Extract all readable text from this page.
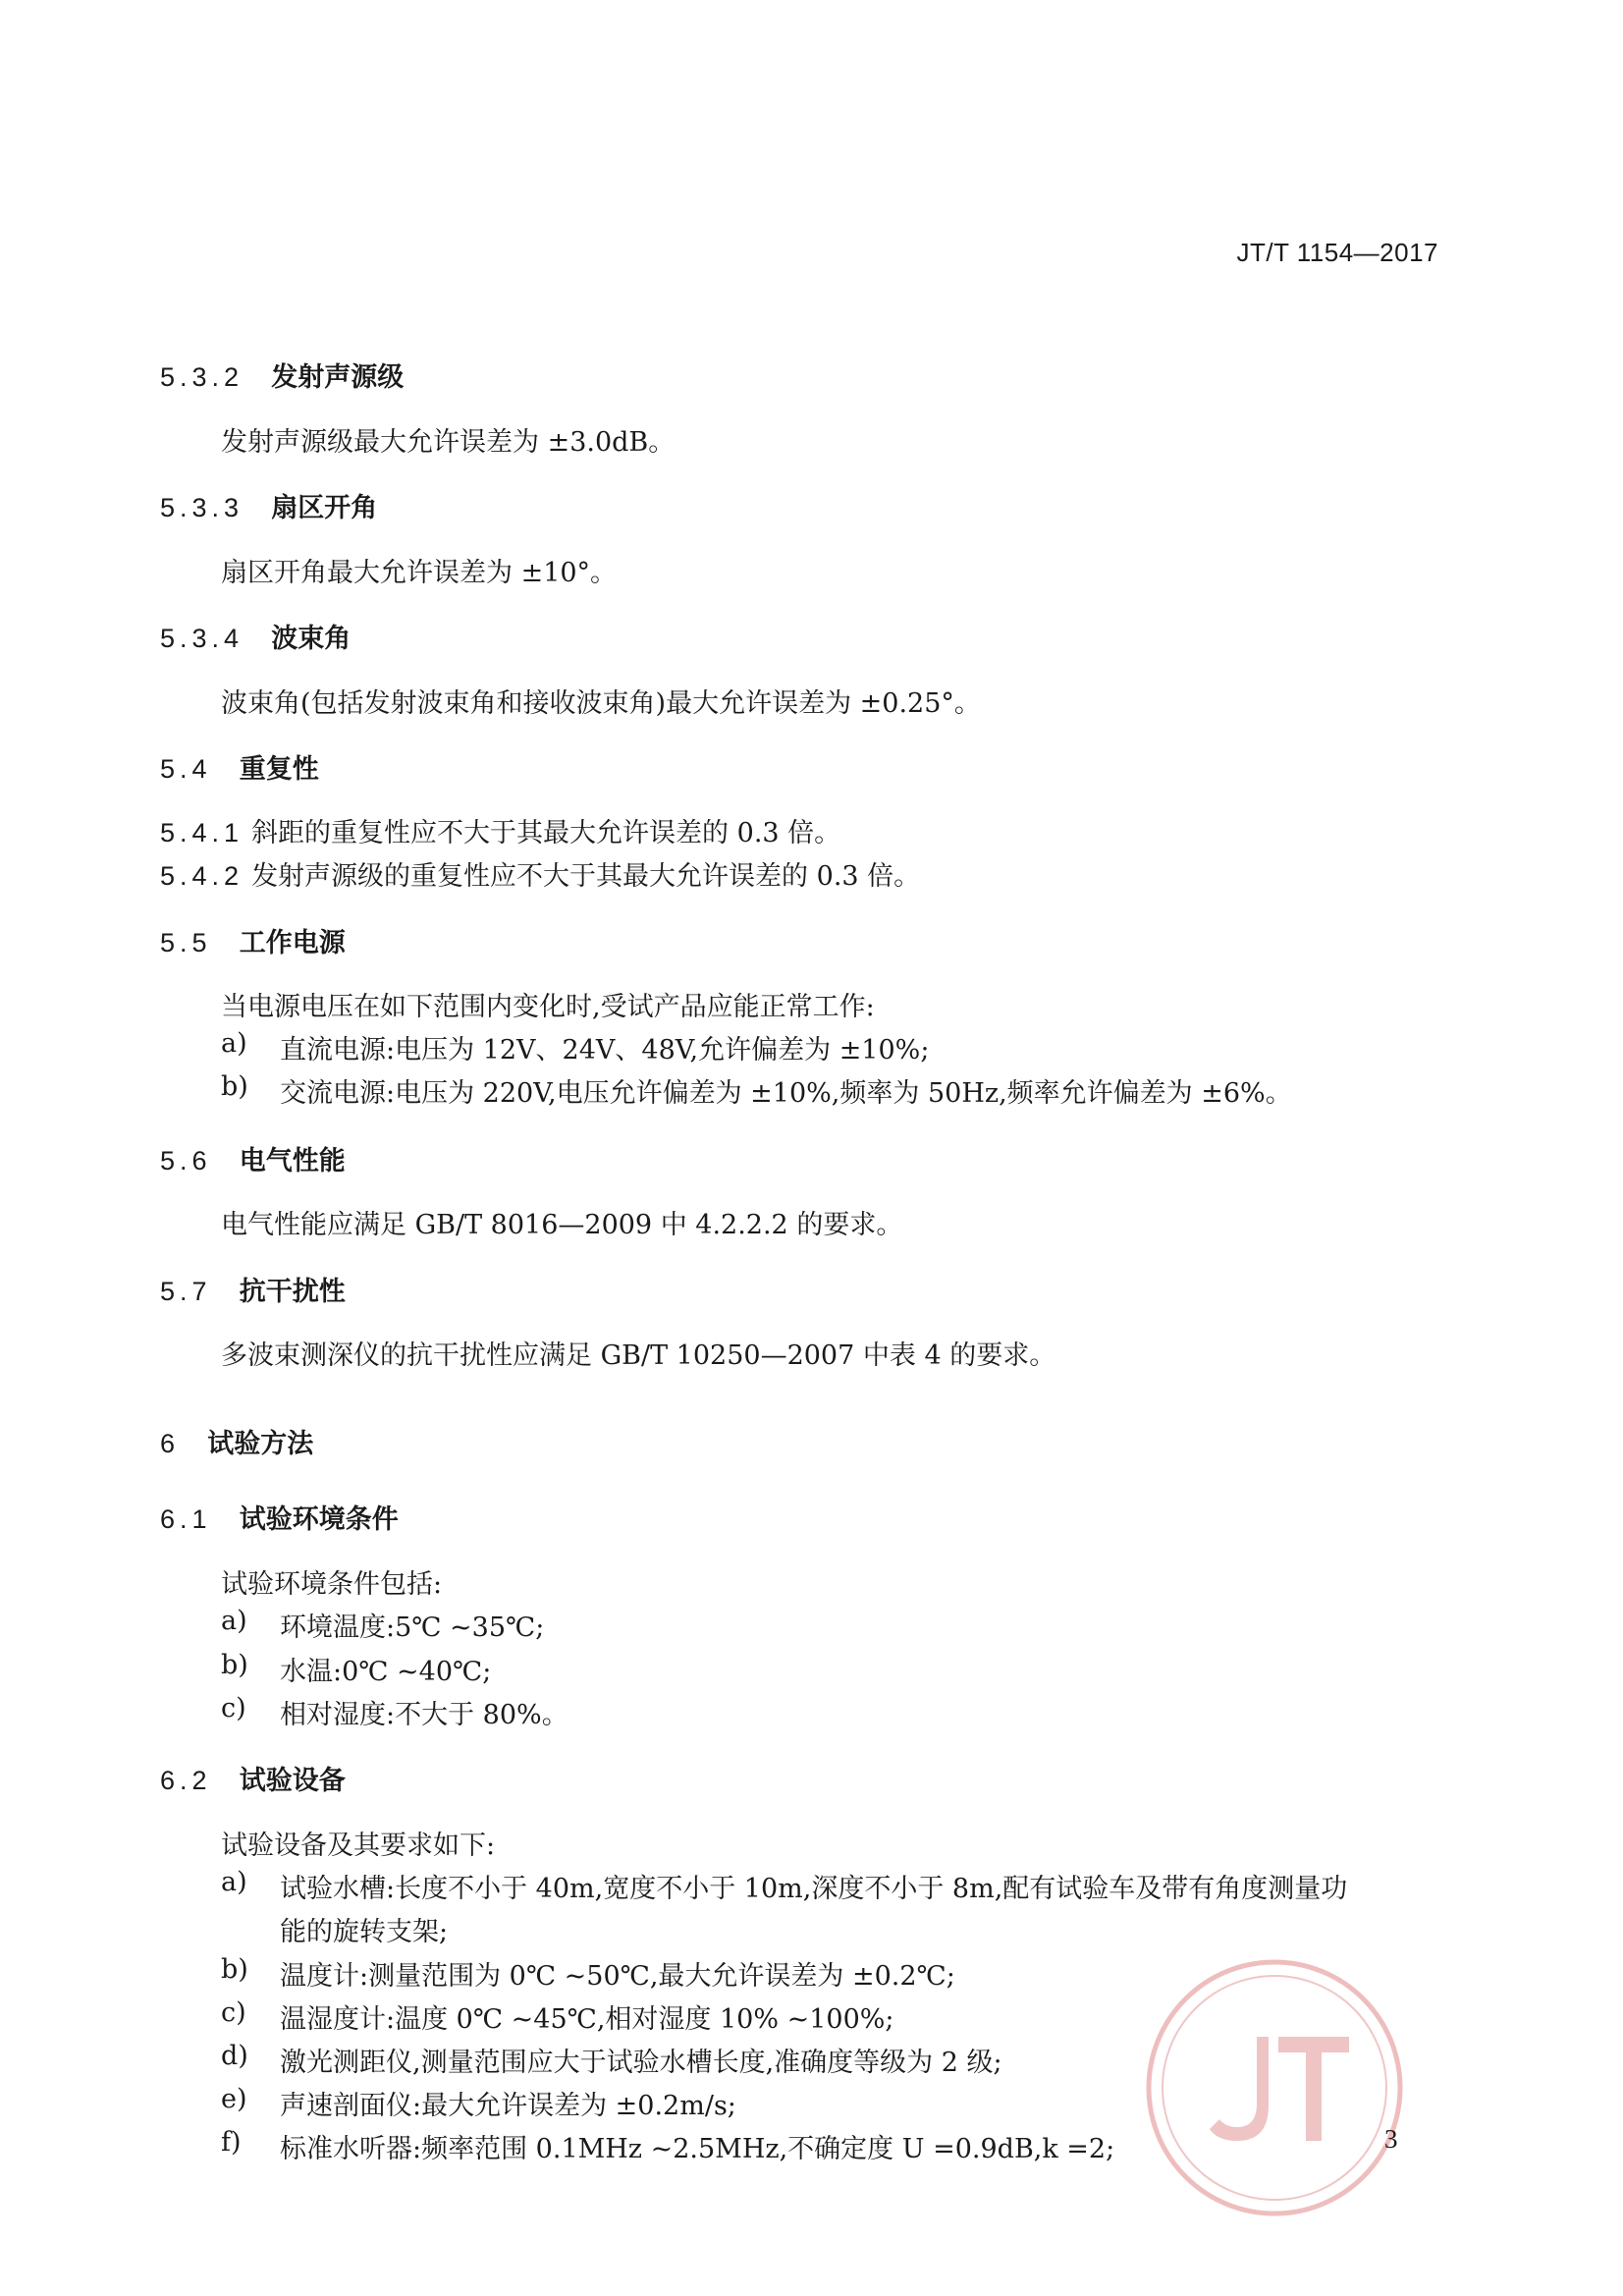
JT/T 1154—2017
5.3.2 发射声源级
发射声源级最大允许误差为 ±3.0dB。
5.3.3 扇区开角
扇区开角最大允许误差为 ±10°。
5.3.4 波束角
波束角(包括发射波束角和接收波束角)最大允许误差为 ±0.25°。
5.4 重复性
5.4.1 斜距的重复性应不大于其最大允许误差的 0.3 倍。
5.4.2 发射声源级的重复性应不大于其最大允许误差的 0.3 倍。
5.5 工作电源
当电源电压在如下范围内变化时,受试产品应能正常工作:
a) 直流电源:电压为 12V、24V、48V,允许偏差为 ±10%;
b) 交流电源:电压为 220V,电压允许偏差为 ±10%,频率为 50Hz,频率允许偏差为 ±6%。
5.6 电气性能
电气性能应满足 GB/T 8016—2009 中 4.2.2.2 的要求。
5.7 抗干扰性
多波束测深仪的抗干扰性应满足 GB/T 10250—2007 中表 4 的要求。
6 试验方法
6.1 试验环境条件
试验环境条件包括:
a) 环境温度:5℃ ~35℃;
b) 水温:0℃ ~40℃;
c) 相对湿度:不大于 80%。
6.2 试验设备
试验设备及其要求如下:
a) 试验水槽:长度不小于 40m,宽度不小于 10m,深度不小于 8m,配有试验车及带有角度测量功
能的旋转支架;
b) 温度计:测量范围为 0℃ ~50℃,最大允许误差为 ±0.2℃;
c) 温湿度计:温度 0℃ ~45℃,相对湿度 10% ~100%;
d) 激光测距仪,测量范围应大于试验水槽长度,准确度等级为 2 级;
e) 声速剖面仪:最大允许误差为 ±0.2m/s;
f) 标准水听器:频率范围 0.1MHz ~2.5MHz,不确定度 U =0.9dB,k =2;	3
